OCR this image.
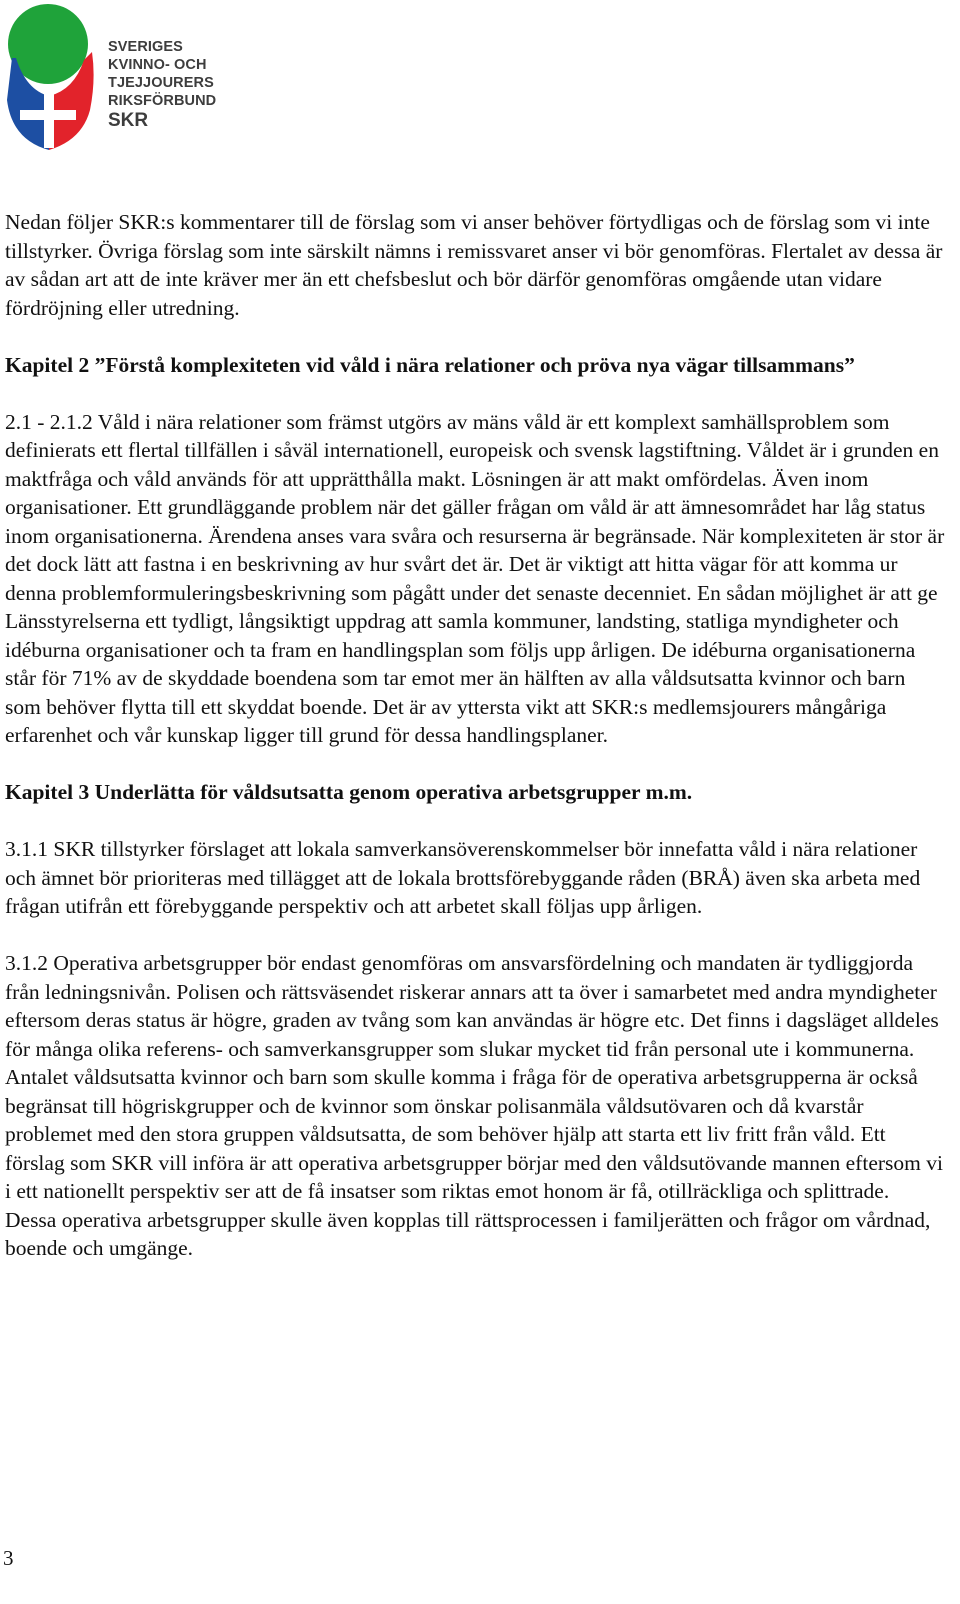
SVERIGES
KVINNO- OCH TJEJJOURERS
RIKSFÖRBUND
SKR

Nedan följer SKR:s kommentarer till de förslag som vi anser behöver förtydligas och de förslag som vi inte tillstyrker. Övriga förslag som inte särskilt nämns i remissvaret anser vi bör genomföras. Flertalet av dessa är av sådan art att de inte kräver mer än ett chefsbeslut och bör därför genomföras omgående utan vidare fördröjning eller utredning.

Kapitel 2 ”Förstå komplexiteten vid våld i nära relationer och pröva nya vägar tillsammans”

2.1 - 2.1.2 Våld i nära relationer som främst utgörs av mäns våld är ett komplext samhällsproblem som definierats ett flertal tillfällen i såväl internationell, europeisk och svensk lagstiftning. Våldet är i grunden en maktfråga och våld används för att upprätthålla makt. Lösningen är att makt omfördelas. Även inom organisationer. Ett grundläggande problem när det gäller frågan om våld är att ämnesområdet har låg status inom organisationerna. Ärendena anses vara svåra och resurserna är begränsade. När komplexiteten är stor är det dock lätt att fastna i en beskrivning av hur svårt det är. Det är viktigt att hitta vägar för att komma ur denna problemformuleringsbeskrivning som pågått under det senaste decenniet. En sådan möjlighet är att ge Länsstyrelserna ett tydligt, långsiktigt uppdrag att samla kommuner, landsting, statliga myndigheter och idéburna organisationer och ta fram en handlingsplan som följs upp årligen. De idéburna organisationerna står för 71% av de skyddade boendena som tar emot mer än hälften av alla våldsutsatta kvinnor och barn som behöver flytta till ett skyddat boende. Det är av yttersta vikt att SKR:s medlemsjourers mångåriga erfarenhet och vår kunskap ligger till grund för dessa handlingsplaner.

Kapitel 3 Underlätta för våldsutsatta genom operativa arbetsgrupper m.m.

3.1.1 SKR tillstyrker förslaget att lokala samverkansöverenskommelser bör innefatta våld i nära relationer och ämnet bör prioriteras med tillägget att de lokala brottsförebyggande råden (BRÅ) även ska arbeta med frågan utifrån ett förebyggande perspektiv och att arbetet skall följas upp årligen.

3.1.2 Operativa arbetsgrupper bör endast genomföras om ansvarsfördelning och mandaten är tydliggjorda från ledningsnivån. Polisen och rättsväsendet riskerar annars att ta över i samarbetet med andra myndigheter eftersom deras status är högre, graden av tvång som kan användas är högre etc. Det finns i dagsläget alldeles för många olika referens- och samverkansgrupper som slukar mycket tid från personal ute i kommunerna. Antalet våldsutsatta kvinnor och barn som skulle komma i fråga för de operativa arbetsgrupperna är också begränsat till högriskgrupper och de kvinnor som önskar polisanmäla våldsutövaren och då kvarstår problemet med den stora gruppen våldsutsatta, de som behöver hjälp att starta ett liv fritt från våld. Ett förslag som SKR vill införa är att operativa arbetsgrupper börjar med den våldsutövande mannen eftersom vi i ett nationellt perspektiv ser att de få insatser som riktas emot honom är få, otillräckliga och splittrade. Dessa operativa arbetsgrupper skulle även kopplas till rättsprocessen i familjerätten och frågor om vårdnad, boende och umgänge.

3
